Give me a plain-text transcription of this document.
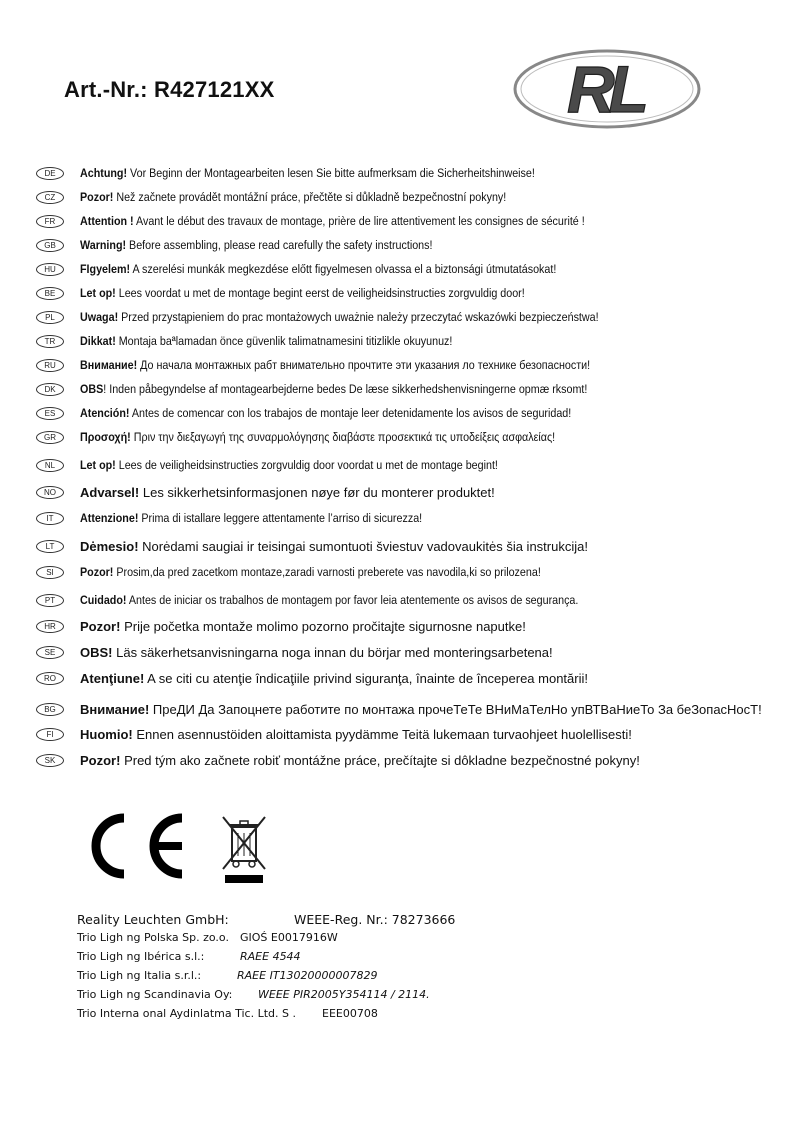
Art.-Nr.: R427121XX	RL
DE	Achtung! Vor Beginn der Montagearbeiten lesen Sie bitte aufmerksam die Sicherheitshinweise!
CZ	Pozor! Než začnete provádět montážní práce, přečtěte si důkladně bezpečnostní pokyny!
FR	Attention ! Avant le début des travaux de montage, prière de lire attentivement les consignes de sécurité !
GB	Warning! Before assembling, please read carefully the safety instructions!
HU	FIgyelem! A szerelési munkák megkezdése előtt figyelmesen olvassa el a biztonsági útmutatásokat!
BE	Let op! Lees voordat u met de montage begint eerst de veiligheidsinstructies zorgvuldig door!
PL	Uwaga! Przed przystąpieniem do prac montażowych uważnie należy przeczytać wskazówki bezpieczeństwa!
TR	Dikkat! Montaja baªlamadan önce güvenlik talimatnamesini titizlikle okuyunuz!
RU	Внимание! До начала монтажных рабт внимательно прочтите эти указания ло технике безопасности!
DK	OBS! Inden påbegyndelse af montagearbejderne bedes De læse sikkerhedshenvisningerne opmæ rksomt!
ES	Atención! Antes de comencar con los trabajos de montaje leer detenidamente los avisos de seguridad!
GR	Προσοχή! Πριν την διεξαγωγή της συναρμολόγησης διαβάστε προσεκτικά τις υποδείξεις ασφαλείας!
NL	Let op! Lees de veiligheidsinstructies zorgvuldig door voordat u met de montage begint!
NO	Advarsel! Les sikkerhetsinformasjonen nøye før du monterer produktet!
IT	Attenzione! Prima di istallare leggere attentamente l’arriso di sicurezza!
LT	Dėmesio! Norėdami saugiai ir teisingai sumontuoti šviestuv vadovaukitės šia instrukcija!
SI	Pozor! Prosim,da pred zacetkom montaze,zaradi varnosti preberete vas navodila,ki so prilozena!
PT	Cuidado! Antes de iniciar os trabalhos de montagem por favor leia atentemente os avisos de segurança.
HR	Pozor! Prije početka montaže molimo pozorno pročitajte sigurnosne naputke!
SE	OBS! Läs säkerhetsanvisningarna noga innan du börjar med monteringsarbetena!
RO	Atenţiune! A se citi cu atenţie îndicaţiile privind siguranţa, înainte de începerea montării!
BG	Внимание! ПреДИ Да Запоцнете работите по монтажа прочеТеТе ВНиМаТелНо упВТВаНиеТо За беЗопасНосТ!
FI	Huomio! Ennen asennustöiden aloittamista pyydämme Teitä lukemaan turvaohjeet huolellisesti!
SK	Pozor! Pred tým ako začnete robiť montážne práce, prečítajte si dôkladne bezpečnostné pokyny!
Reality Leuchten GmbH:	WEEE-Reg. Nr.: 78273666
Trio Ligh ng Polska Sp. zo.o. GIOŚ E0017916W
Trio Ligh ng Ibérica s.l.:	RAEE 4544
Trio Ligh ng Italia s.r.l.:	RAEE IT13020000007829
Trio Ligh ng Scandinavia Oy: WEEE PIR2005Y354114 / 2114.
Trio Interna onal Aydinlatma Tic. Ltd. S . EEE00708
